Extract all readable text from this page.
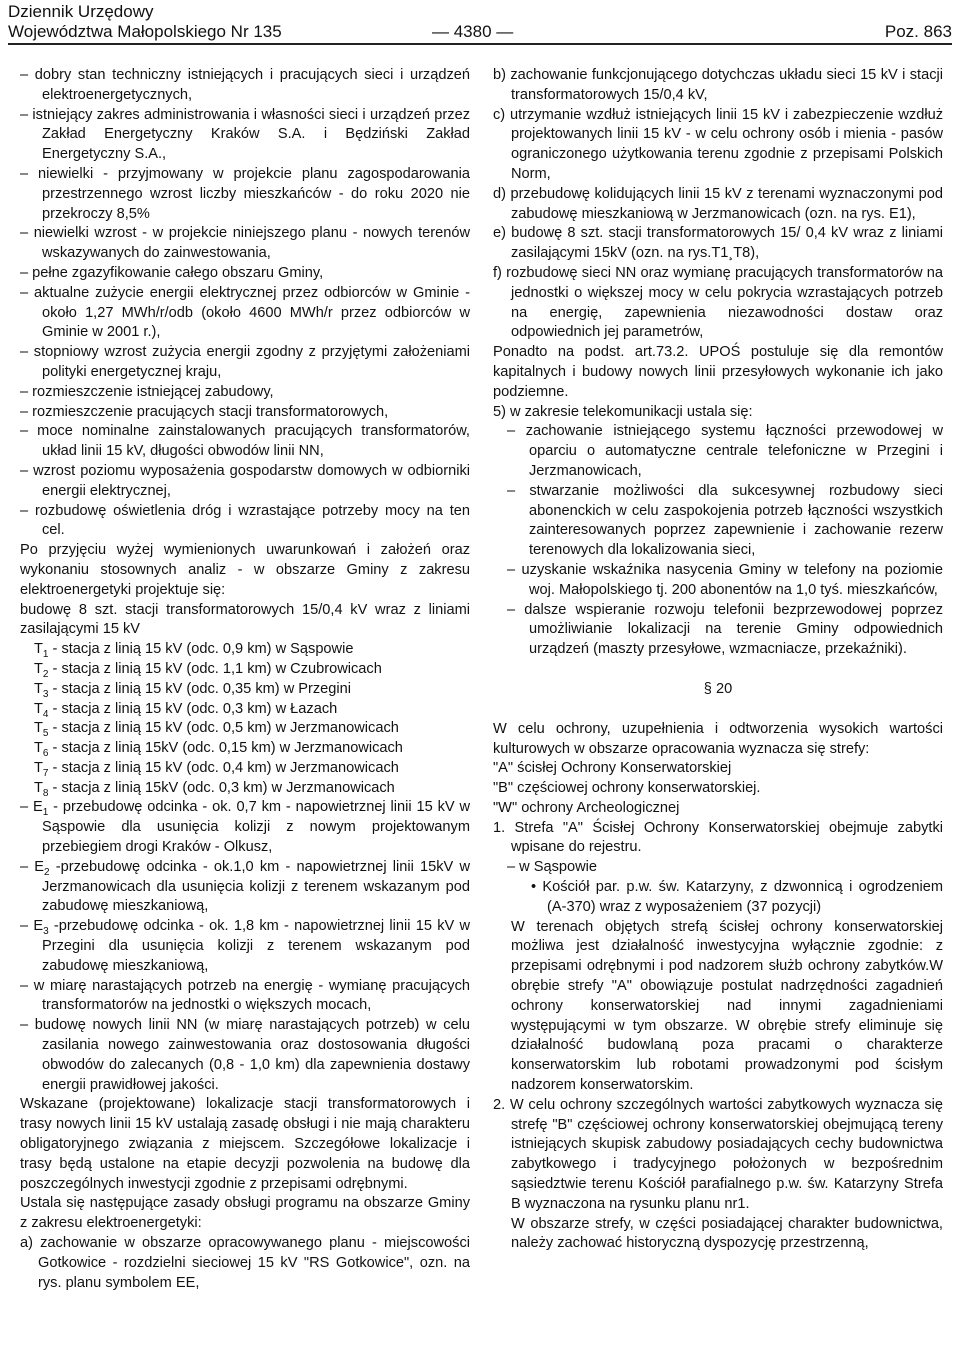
Dziennik Urzędowy
Województwa Małopolskiego Nr 135	— 4380 —	Poz. 863

– dobry stan techniczny istniejących i pracujących sieci i urządzeń elektroenergetycznych,

– istniejący zakres administrowania i własności sieci i urządzeń przez Zakład Energetyczny Kraków S.A. i Będziński Zakład Energetyczny S.A.,

– niewielki - przyjmowany w projekcie planu zagospodarowania przestrzennego wzrost liczby mieszkańców - do roku 2020 nie przekroczy 8,5%

– niewielki wzrost - w projekcie niniejszego planu - nowych terenów wskazywanych do zainwestowania,

– pełne zgazyfikowanie całego obszaru Gminy,

– aktualne zużycie energii elektrycznej przez odbiorców w Gminie - około 1,27 MWh/r/odb (około 4600 MWh/r przez odbiorców w Gminie w 2001 r.),

– stopniowy wzrost zużycia energii zgodny z przyjętymi założeniami polityki energetycznej kraju,

– rozmieszczenie istniejącej zabudowy,

– rozmieszczenie pracujących stacji transformatorowych,

– moce nominalne zainstalowanych pracujących transformatorów, układ linii 15 kV, długości obwodów linii NN,

– wzrost poziomu wyposażenia gospodarstw domowych w odbiorniki energii elektrycznej,

– rozbudowę oświetlenia dróg i wzrastające potrzeby mocy na ten cel.

Po przyjęciu wyżej wymienionych uwarunkowań i założeń oraz wykonaniu stosownych analiz - w obszarze Gminy z zakresu elektroenergetyki projektuje się:

budowę 8 szt. stacji transformatorowych 15/0,4 kV wraz z liniami zasilającymi 15 kV

$T_1$ - stacja z linią 15 kV (odc. 0,9 km) w Sąspowie

$T_2$ - stacja z linią 15 kV (odc. 1,1 km) w Czubrowicach

$T_3$ - stacja z linią 15 kV (odc. 0,35 km) w Przegini

$T_4$ - stacja z linią 15 kV (odc. 0,3 km) w Łazach

$T_5$ - stacja z linią 15 kV (odc. 0,5 km) w Jerzmanowicach

$T_6$ - stacja z linią 15kV (odc. 0,15 km) w Jerzmanowicach

$T_7$ - stacja z linią 15 kV (odc. 0,4 km) w Jerzmanowicach

$T_8$ - stacja z linią 15kV (odc. 0,3 km) w Jerzmanowicach

– $E_1$ - przebudowę odcinka - ok. 0,7 km - napowietrznej linii 15 kV w Sąspowie dla usunięcia kolizji z nowym projektowanym przebiegiem drogi Kraków - Olkusz,

– $E_2$ -przebudowę odcinka - ok.1,0 km - napowietrznej linii 15kV w Jerzmanowicach dla usunięcia kolizji z terenem wskazanym pod zabudowę mieszkaniową,

– $E_3$ -przebudowę odcinka - ok. 1,8 km - napowietrznej linii 15 kV w Przegini dla usunięcia kolizji z terenem wskazanym pod zabudowę mieszkaniową,

– w miarę narastających potrzeb na energię - wymianę pracujących transformatorów na jednostki o większych mocach,

– budowę nowych linii NN (w miarę narastających potrzeb) w celu zasilania nowego zainwestowania oraz dostosowania długości obwodów do zalecanych (0,8 - 1,0 km) dla zapewnienia dostawy energii prawidłowej jakości.

Wskazane (projektowane) lokalizacje stacji transformatorowych i trasy nowych linii 15 kV ustalają zasadę obsługi i nie mają charakteru obligatoryjnego związania z miejscem. Szczegółowe lokalizacje i trasy będą ustalone na etapie decyzji pozwolenia na budowę dla poszczególnych inwestycji zgodnie z przepisami odrębnymi.

Ustala się następujące zasady obsługi programu na obszarze Gminy z zakresu elektroenergetyki:

a) zachowanie w obszarze opracowywanego planu - miejscowości Gotkowice - rozdzielni sieciowej 15 kV "RS Gotkowice", ozn. na rys. planu symbolem EE,

b) zachowanie funkcjonującego dotychczas układu sieci 15 kV i stacji transformatorowych 15/0,4 kV,

c) utrzymanie wzdłuż istniejących linii 15 kV i zabezpieczenie wzdłuż projektowanych linii 15 kV - w celu ochrony osób i mienia - pasów ograniczonego użytkowania terenu zgodnie z przepisami Polskich Norm,

d) przebudowę kolidujących linii 15 kV z terenami wyznaczonymi pod zabudowę mieszkaniową w Jerzmanowicach (ozn. na rys. E1),

e) budowę 8 szt. stacji transformatorowych 15/ 0,4 kV wraz z liniami zasilającymi 15kV (ozn. na rys.T1¸T8),

f) rozbudowę sieci NN oraz wymianę pracujących transformatorów na jednostki o większej mocy w celu pokrycia wzrastających potrzeb na energię, zapewnienia niezawodności dostaw oraz odpowiednich jej parametrów,

Ponadto na podst. art.73.2. UPOŚ postuluje się dla remontów kapitalnych i budowy nowych linii przesyłowych wykonanie ich jako podziemne.

5) w zakresie telekomunikacji ustala się:

– zachowanie istniejącego systemu łączności przewodowej w oparciu o automatyczne centrale telefoniczne w Przegini i Jerzmanowicach,

– stwarzanie możliwości dla sukcesywnej rozbudowy sieci abonenckich w celu zaspokojenia potrzeb łączności wszystkich zainteresowanych poprzez zapewnienie i zachowanie rezerw terenowych dla lokalizowania sieci,

– uzyskanie wskaźnika nasycenia Gminy w telefony na poziomie woj. Małopolskiego tj. 200 abonentów na 1,0 tyś. mieszkańców,

– dalsze wspieranie rozwoju telefonii bezprzewodowej poprzez umożliwianie lokalizacji na terenie Gminy odpowiednich urządzeń (maszty przesyłowe, wzmacniacze, przekaźniki).

§ 20

W celu ochrony, uzupełnienia i odtworzenia wysokich wartości kulturowych w obszarze opracowania wyznacza się strefy:

"A" ścisłej Ochrony Konserwatorskiej

"B" częściowej ochrony konserwatorskiej.

"W" ochrony Archeologicznej

1. Strefa "A" Ścisłej Ochrony Konserwatorskiej obejmuje zabytki wpisane do rejestru.

– w Sąspowie

• Kościół par. p.w. św. Katarzyny, z dzwonnicą i ogrodzeniem (A-370) wraz z wyposażeniem (37 pozycji)

W terenach objętych strefą ścisłej ochrony konserwatorskiej możliwa jest działalność inwestycyjna wyłącznie zgodnie: z przepisami odrębnymi i pod nadzorem służb ochrony zabytków.W obrębie strefy "A" obowiązuje postulat nadrzędności zagadnień ochrony konserwatorskiej nad innymi zagadnieniami występującymi w tym obszarze. W obrębie strefy eliminuje się działalność budowlaną poza pracami o charakterze konserwatorskim lub robotami prowadzonymi pod ścisłym nadzorem konserwatorskim.

2. W celu ochrony szczególnych wartości zabytkowych wyznacza się strefę "B" częściowej ochrony konserwatorskiej obejmującą tereny istniejących skupisk zabudowy posiadających cechy budownictwa zabytkowego i tradycyjnego położonych w bezpośrednim sąsiedztwie terenu Kościół parafialnego p.w. św. Katarzyny Strefa B wyznaczona na rysunku planu nr1.

W obszarze strefy, w części posiadającej charakter budownictwa, należy zachować historyczną dyspozycję przestrzenną,
